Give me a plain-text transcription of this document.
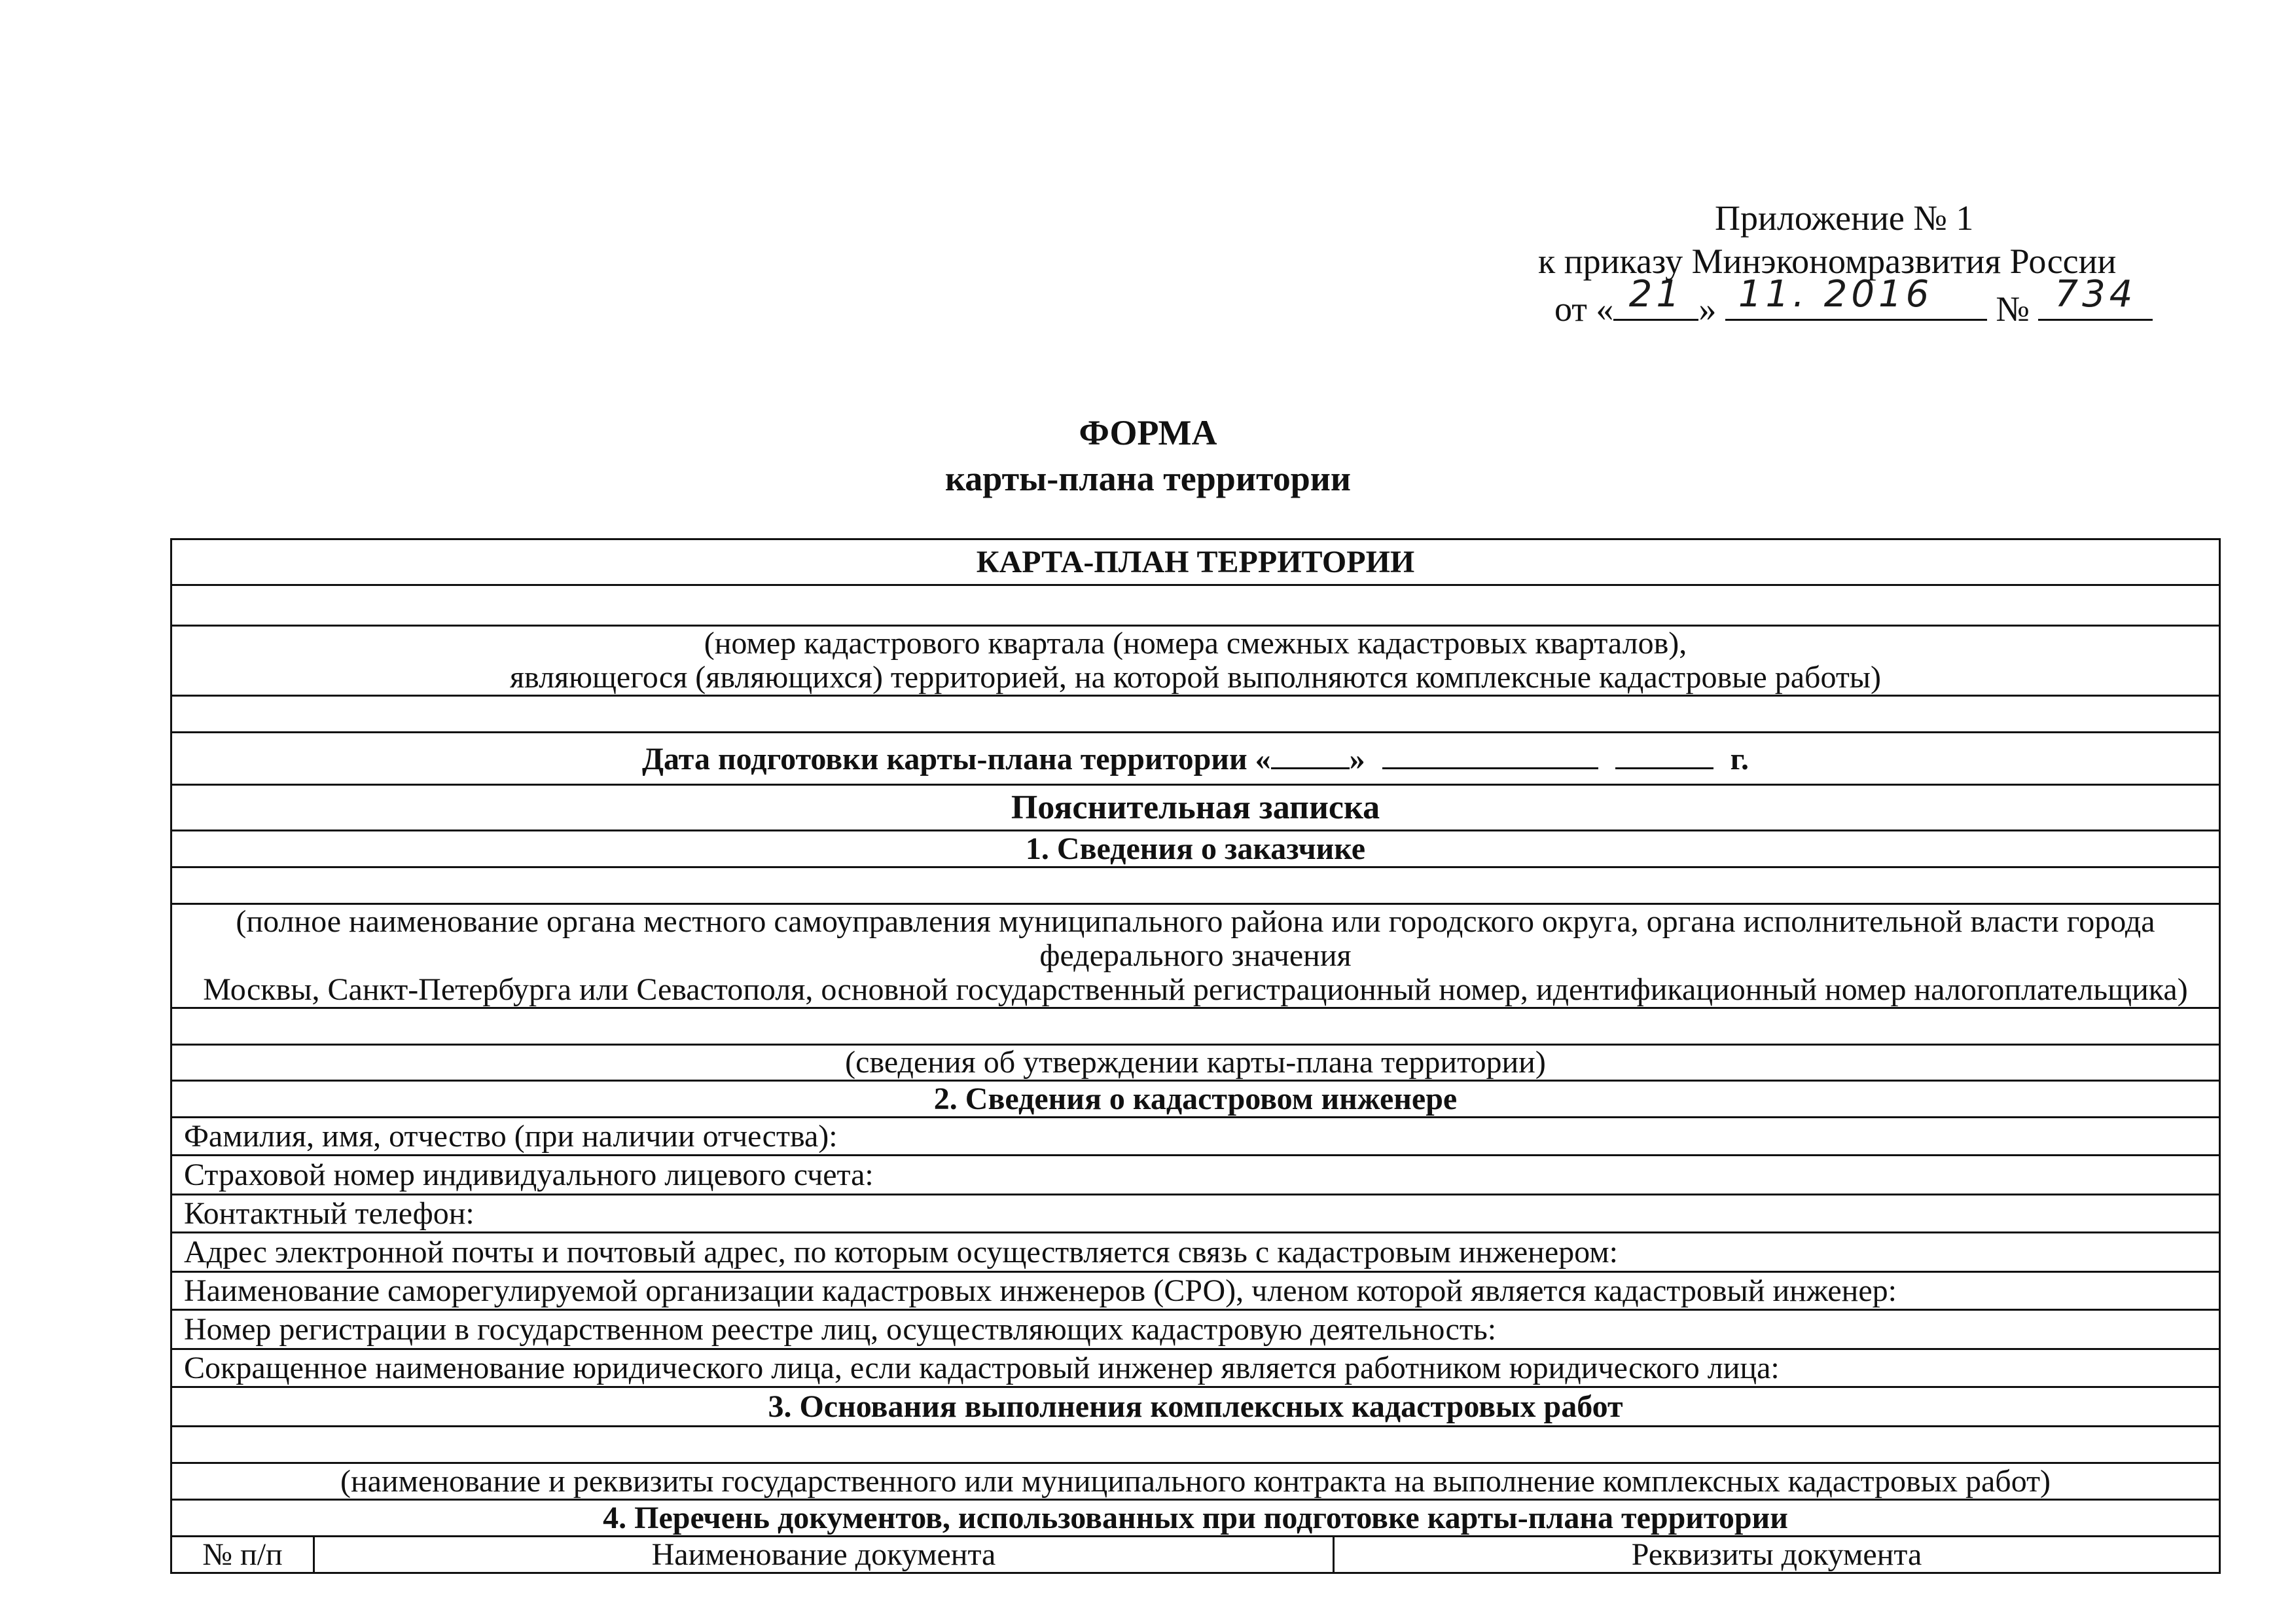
Приложение № 1
к приказу Минэкономразвития России
от « 21 » 11. 2016	№ 734
ФОРМА
карты-плана территории
КАРТА-ПЛАН ТЕРРИТОРИИ

(номер кадастрового квартала (номера смежных кадастровых кварталов),
являющегося (являющихся) территорией, на которой выполняются комплексные кадастровые работы)

Дата подготовки карты-плана территории «	»	г.
Пояснительная записка
1. Сведения о заказчике

(полное наименование органа местного самоуправления муниципального района или городского округа, органа исполнительной власти города федерального значения
Москвы, Санкт-Петербурга или Севастополя, основной государственный регистрационный номер, идентификационный номер налогоплательщика)

(сведения об утверждении карты-плана территории)
2. Сведения о кадастровом инженере
Фамилия, имя, отчество (при наличии отчества):
Страховой номер индивидуального лицевого счета:
Контактный телефон:
Адрес электронной почты и почтовый адрес, по которым осуществляется связь с кадастровым инженером:
Наименование саморегулируемой организации кадастровых инженеров (СРО), членом которой является кадастровый инженер:
Номер регистрации в государственном реестре лиц, осуществляющих кадастровую деятельность:
Сокращенное наименование юридического лица, если кадастровый инженер является работником юридического лица:
3. Основания выполнения комплексных кадастровых работ

(наименование и реквизиты государственного или муниципального контракта на выполнение комплексных кадастровых работ)
4. Перечень документов, использованных при подготовке карты-плана территории
№ п/п	Наименование документа	Реквизиты документа
